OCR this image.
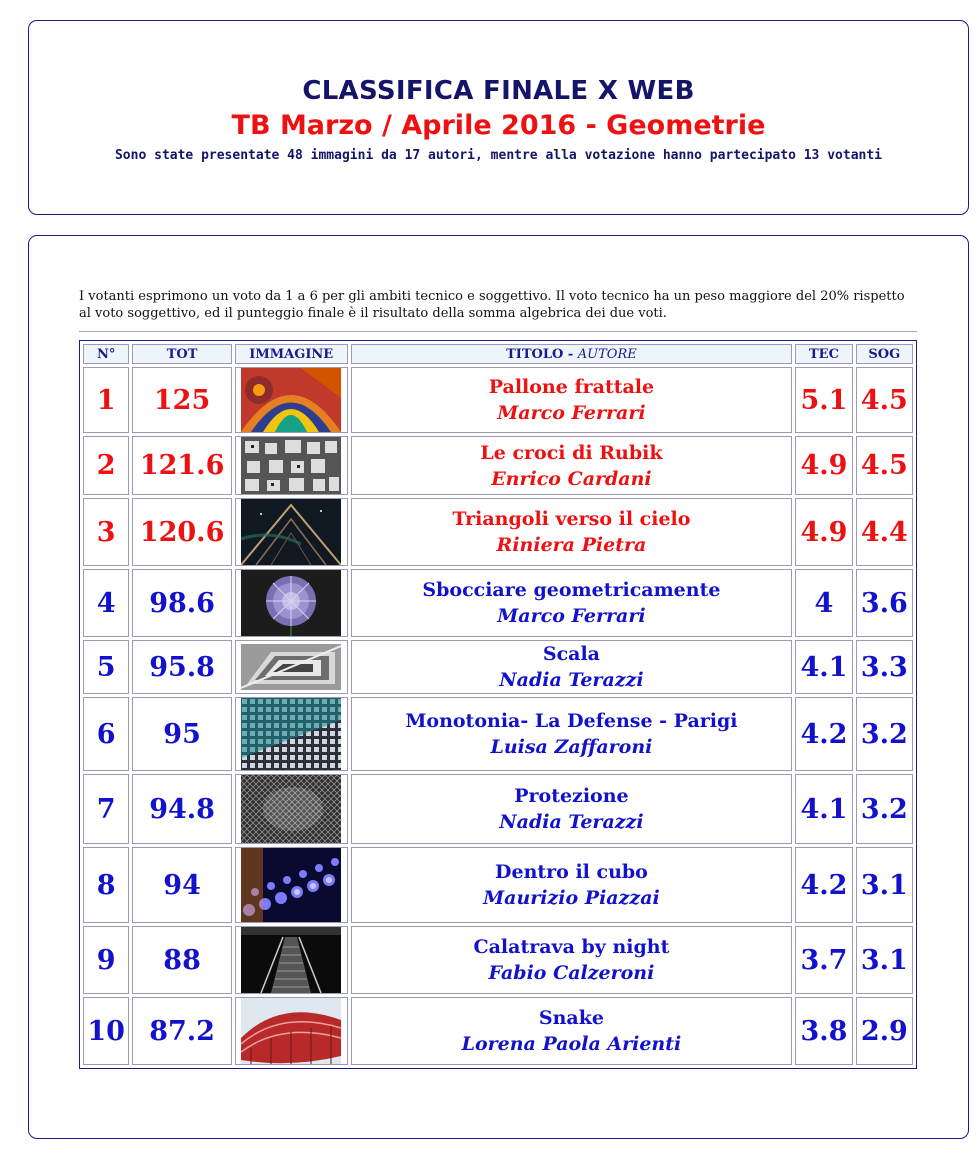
CLASSIFICA FINALE X WEB
TB Marzo / Aprile 2016 - Geometrie
Sono state presentate 48 immagini da 17 autori, mentre alla votazione hanno partecipato 13 votanti
I votanti esprimono un voto da 1 a 6 per gli ambiti tecnico e soggettivo. Il voto tecnico ha un peso maggiore del 20% rispetto al voto soggettivo, ed il punteggio finale è il risultato della somma algebrica dei due voti.
N°	TOT	IMMAGINE	TITOLO - AUTORE	TEC	SOG
1	125		Pallone frattale
Marco Ferrari	5.1	4.5
2	121.6		Le croci di Rubik
Enrico Cardani	4.9	4.5
3	120.6		Triangoli verso il cielo
Riniera Pietra	4.9	4.4
4	98.6		Sbocciare geometricamente
Marco Ferrari	4	3.6
5	95.8		Scala
Nadia Terazzi	4.1	3.3
6	95		Monotonia- La Defense - Parigi
Luisa Zaffaroni	4.2	3.2
7	94.8		Protezione
Nadia Terazzi	4.1	3.2
8	94		Dentro il cubo
Maurizio Piazzai	4.2	3.1
9	88		Calatrava by night
Fabio Calzeroni	3.7	3.1
10	87.2		Snake
Lorena Paola Arienti	3.8	2.9
